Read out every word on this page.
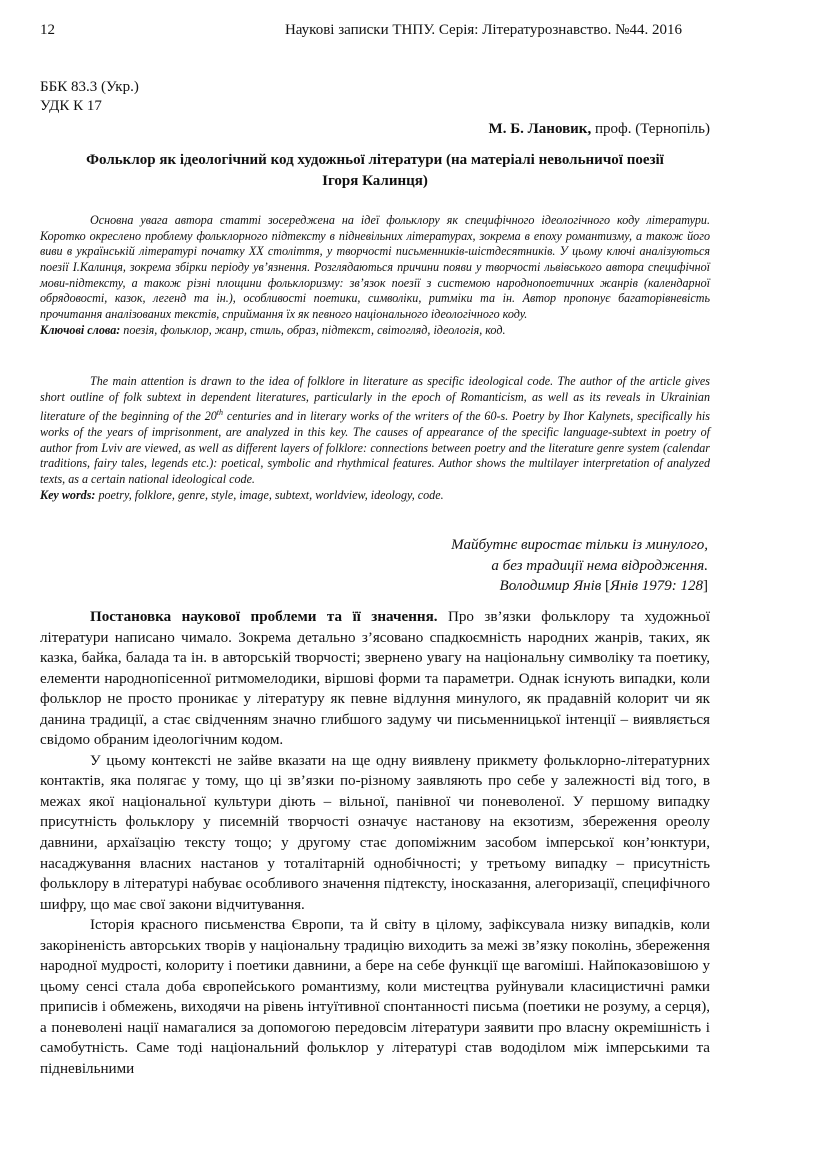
12	Наукові записки ТНПУ. Серія: Літературознавство. №44. 2016
ББК 83.3 (Укр.)
УДК К 17
М. Б. Лановик, проф. (Тернопіль)
Фольклор як ідеологічний код художньої літератури (на матеріалі невольничої поезії
Ігоря Калинця)
Основна увага автора статті зосереджена на ідеї фольклору як специфічного ідеологічного коду літератури. Коротко окреслено проблему фольклорного підтексту в підневільних літературах, зокрема в епоху романтизму, а також його виви в українській літературі початку ХХ століття, у творчості письменників-шістдесятників. У цьому ключі аналізуються поезії І.Калинця, зокрема збірки періоду ув’язнення. Розглядаються причини появи у творчості львівського автора специфічної мови-підтексту, а також різні площини фольклоризму: зв’язок поезії з системою народнопоетичних жанрів (календарної обрядовості, казок, легенд та ін.), особливості поетики, символіки, ритміки та ін. Автор пропонує багаторівневість прочитання аналізованих текстів, сприймання їх як певного національного ідеологічного коду.
Ключові слова: поезія, фольклор, жанр, стиль, образ, підтекст, світогляд, ідеологія, код.
The main attention is drawn to the idea of folklore in literature as specific ideological code. The author of the article gives short outline of folk subtext in dependent literatures, particularly in the epoch of Romanticism, as well as its reveals in Ukrainian literature of the beginning of the 20th centuries and in literary works of the writers of the 60-s. Poetry by Ihor Kalynets, specifically his works of the years of imprisonment, are analyzed in this key. The causes of appearance of the specific language-subtext in poetry of author from Lviv are viewed, as well as different layers of folklore: connections between poetry and the literature genre system (calendar traditions, fairy tales, legends etc.): poetical, symbolic and rhythmical features. Author shows the multilayer interpretation of analyzed texts, as a certain national ideological code.
Key words: poetry, folklore, genre, style, image, subtext, worldview, ideology, code.
Майбутнє виростає тільки із минулого,
а без традиції нема відродження.
Володимир Янів [Янів 1979: 128]

Постановка наукової проблеми та її значення. Про зв’язки фольклору та художньої літератури написано чимало. Зокрема детально з’ясовано спадкоємність народних жанрів, таких, як казка, байка, балада та ін. в авторській творчості; звернено увагу на національну символіку та поетику, елементи народнопісенної ритмомелодики, віршові форми та параметри. Однак існують випадки, коли фольклор не просто проникає у літературу як певне відлуння минулого, як прадавній колорит чи як данина традиції, а стає свідченням значно глибшого задуму чи письменницької інтенції – виявляється свідомо обраним ідеологічним кодом.

У цьому контексті не зайве вказати на ще одну виявлену прикмету фольклорно-літературних контактів, яка полягає у тому, що ці зв’язки по-різному заявляють про себе у залежності від того, в межах якої національної культури діють – вільної, панівної чи поневоленої. У першому випадку присутність фольклору у писемній творчості означує настанову на екзотизм, збереження ореолу давнини, архаїзацію тексту тощо; у другому стає допоміжним засобом імперської кон’юнктури, насаджування власних настанов у тоталітарній однобічності; у третьому випадку – присутність фольклору в літературі набуває особливого значення підтексту, іносказання, алегоризації, специфічного шифру, що має свої закони відчитування.

Історія красного письменства Європи, та й світу в цілому, зафіксувала низку випадків, коли закоріненість авторських творів у національну традицію виходить за межі зв’язку поколінь, збереження народної мудрості, колориту і поетики давнини, а бере на себе функції ще вагоміші. Найпоказовішою у цьому сенсі стала доба європейського романтизму, коли мистецтва руйнували класицистичні рамки приписів і обмежень, виходячи на рівень інтуїтивної спонтанності письма (поетики не розуму, а серця), а поневолені нації намагалися за допомогою передовсім літератури заявити про власну окремішність і самобутність. Саме тоді національний фольклор у літературі став вододілом між імперськими та підневільними
